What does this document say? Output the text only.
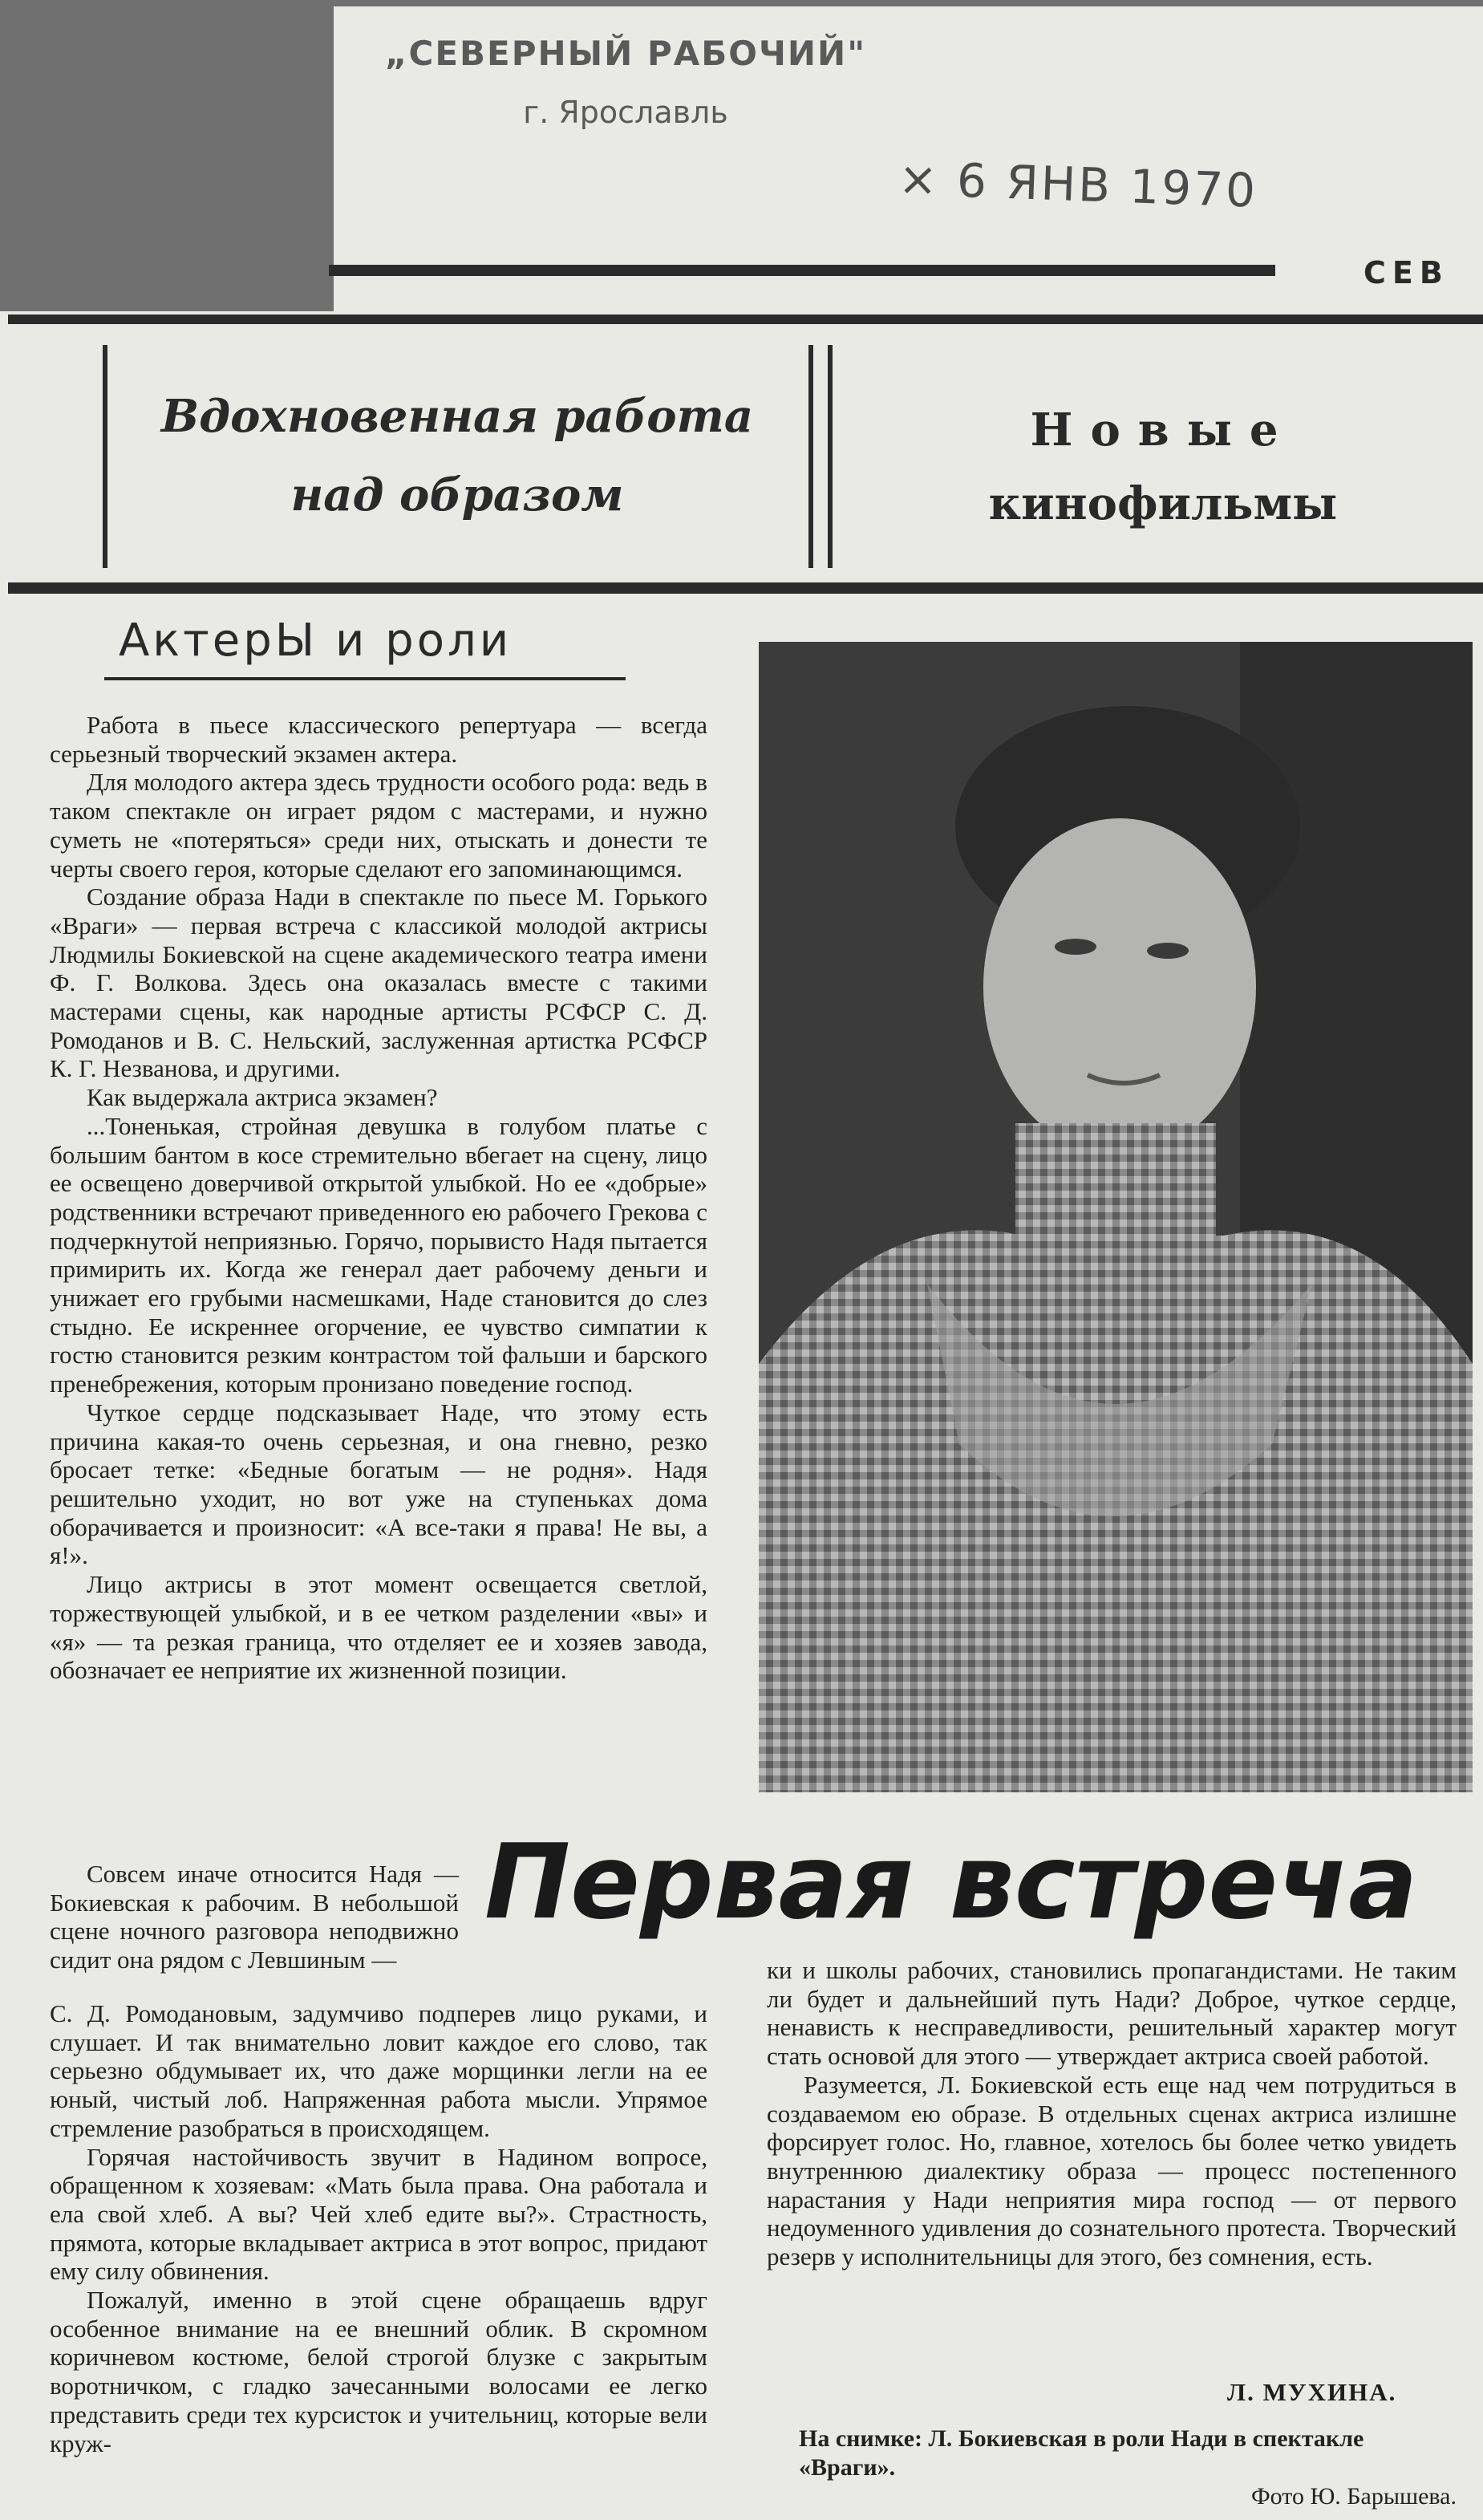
„СЕВЕРНЫЙ РАБОЧИЙ"
г. Ярославль
× 6 ЯНВ 1970
СЕВ
Вдохновенная работа
над образом
Новые
кинофильмы
АктерЫ и роли

Работа в пьесе классического репертуара — всегда серьезный творческий экзамен актера.

Для молодого актера здесь трудности особого рода: ведь в таком спектакле он играет рядом с мастерами, и нужно суметь не «потеряться» среди них, отыскать и донести те черты своего героя, которые сделают его запоминающимся.

Создание образа Нади в спектакле по пьесе М. Горького «Враги» — первая встреча с классикой молодой актрисы Людмилы Бокиевской на сцене академического театра имени Ф. Г. Волкова. Здесь она оказалась вместе с такими мастерами сцены, как народные артисты РСФСР С. Д. Ромоданов и В. С. Нельский, заслуженная артистка РСФСР К. Г. Незванова, и другими.

Как выдержала актриса экзамен?

...Тоненькая, стройная девушка в голубом платье с большим бантом в косе стремительно вбегает на сцену, лицо ее освещено доверчивой открытой улыбкой. Но ее «добрые» родственники встречают приведенного ею рабочего Грекова с подчеркнутой неприязнью. Горячо, порывисто Надя пытается примирить их. Когда же генерал дает рабочему деньги и унижает его грубыми насмешками, Наде становится до слез стыдно. Ее искреннее огорчение, ее чувство симпатии к гостю становится резким контрастом той фальши и барского пренебрежения, которым пронизано поведение господ.

Чуткое сердце подсказывает Наде, что этому есть причина какая-то очень серьезная, и она гневно, резко бросает тетке: «Бедные богатым — не родня». Надя решительно уходит, но вот уже на ступеньках дома оборачивается и произносит: «А все-таки я права! Не вы, а я!».

Лицо актрисы в этот момент освещается светлой, торжествующей улыбкой, и в ее четком разделении «вы» и «я» — та резкая граница, что отделяет ее и хозяев завода, обозначает ее неприятие их жизненной позиции.

Первая встреча

Совсем иначе относится Надя — Бокиевская к рабочим. В небольшой сцене ночного разговора неподвижно сидит она рядом с Левшиным —

С. Д. Ромодановым, задумчиво подперев лицо руками, и слушает. И так внимательно ловит каждое его слово, так серьезно обдумывает их, что даже морщинки легли на ее юный, чистый лоб. Напряженная работа мысли. Упрямое стремление разобраться в происходящем.

Горячая настойчивость звучит в Надином вопросе, обращенном к хозяевам: «Мать была права. Она работала и ела свой хлеб. А вы? Чей хлеб едите вы?». Страстность, прямота, которые вкладывает актриса в этот вопрос, придают ему силу обвинения.

Пожалуй, именно в этой сцене обращаешь вдруг особенное внимание на ее внешний облик. В скромном коричневом костюме, белой строгой блузке с закрытым воротничком, с гладко зачесанными волосами ее легко представить среди тех курсисток и учительниц, которые вели круж-

ки и школы рабочих, становились пропагандистами. Не таким ли будет и дальнейший путь Нади? Доброе, чуткое сердце, ненависть к несправедливости, решительный характер могут стать основой для этого — утверждает актриса своей работой.

Разумеется, Л. Бокиевской есть еще над чем потрудиться в создаваемом ею образе. В отдельных сценах актриса излишне форсирует голос. Но, главное, хотелось бы более четко увидеть внутреннюю диалектику образа — процесс постепенного нарастания у Нади неприятия мира господ — от первого недоуменного удивления до сознательного протеста. Творческий резерв у исполнительницы для этого, без сомнения, есть.

Л. МУХИНА.
На снимке: Л. Бокиевская в роли Нади в спектакле «Враги».
Фото Ю. Барышева.
